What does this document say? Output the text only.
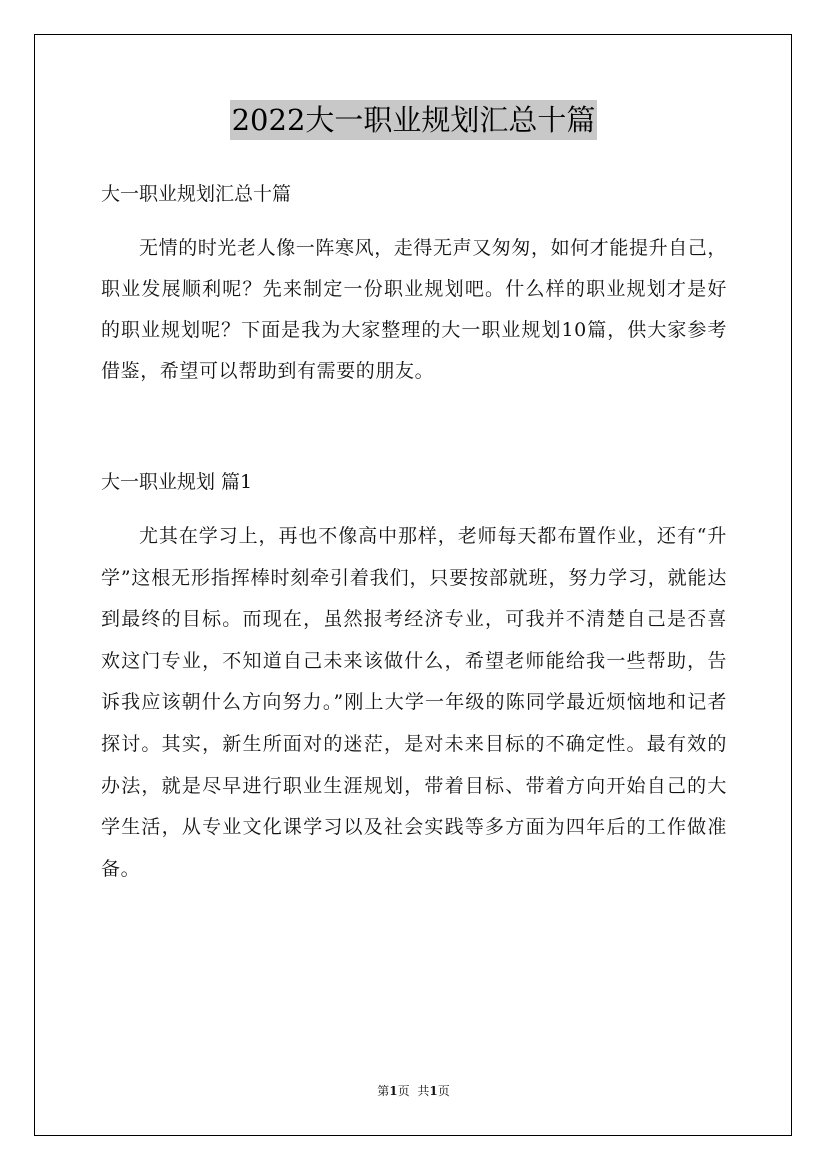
2022大一职业规划汇总十篇

大一职业规划汇总十篇

无情的时光老人像一阵寒风，走得无声又匆匆，如何才能提升自己，职业发展顺利呢？先来制定一份职业规划吧。什么样的职业规划才是好的职业规划呢？下面是我为大家整理的大一职业规划10篇，供大家参考借鉴，希望可以帮助到有需要的朋友。

大一职业规划 篇1

尤其在学习上，再也不像高中那样，老师每天都布置作业，还有“升学”这根无形指挥棒时刻牵引着我们，只要按部就班，努力学习，就能达到最终的目标。而现在，虽然报考经济专业，可我并不清楚自己是否喜欢这门专业，不知道自己未来该做什么，希望老师能给我一些帮助，告诉我应该朝什么方向努力。”刚上大学一年级的陈同学最近烦恼地和记者探讨。其实，新生所面对的迷茫，是对未来目标的不确定性。最有效的办法，就是尽早进行职业生涯规划，带着目标、带着方向开始自己的大学生活，从专业文化课学习以及社会实践等多方面为四年后的工作做准备。

第1页 共1页
